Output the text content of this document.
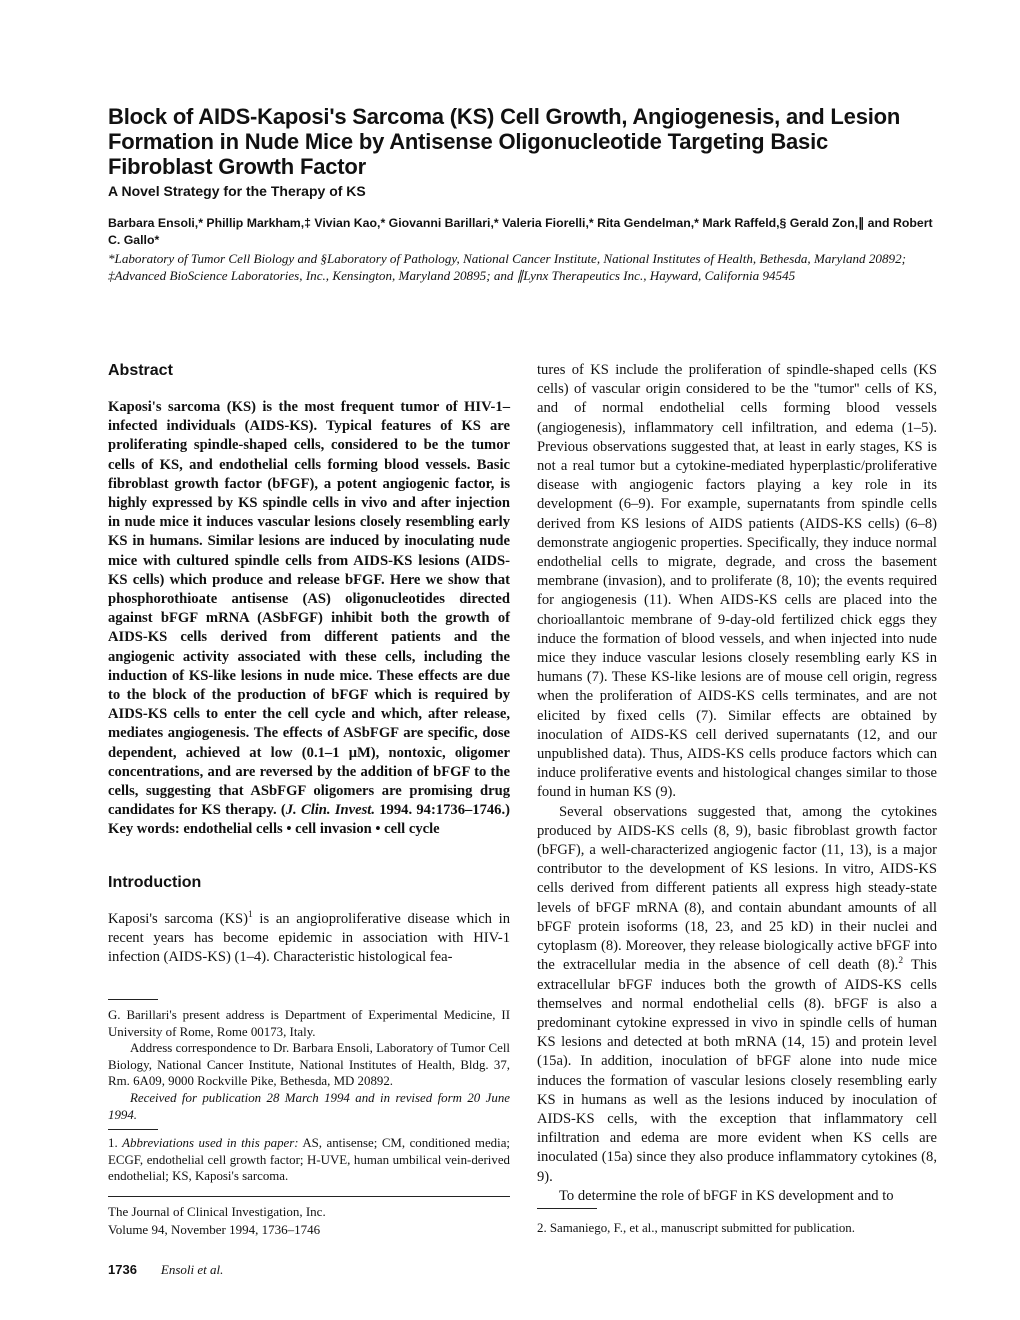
Block of AIDS-Kaposi's Sarcoma (KS) Cell Growth, Angiogenesis, and Lesion Formation in Nude Mice by Antisense Oligonucleotide Targeting Basic Fibroblast Growth Factor
A Novel Strategy for the Therapy of KS

Barbara Ensoli,* Phillip Markham,‡ Vivian Kao,* Giovanni Barillari,* Valeria Fiorelli,* Rita Gendelman,* Mark Raffeld,§ Gerald Zon,∥ and Robert C. Gallo*

*Laboratory of Tumor Cell Biology and §Laboratory of Pathology, National Cancer Institute, National Institutes of Health, Bethesda, Maryland 20892; ‡Advanced BioScience Laboratories, Inc., Kensington, Maryland 20895; and ∥Lynx Therapeutics Inc., Hayward, California 94545

Abstract
Kaposi's sarcoma (KS) is the most frequent tumor of HIV-1–infected individuals (AIDS-KS). Typical features of KS are proliferating spindle-shaped cells, considered to be the tumor cells of KS, and endothelial cells forming blood vessels. Basic fibroblast growth factor (bFGF), a potent angiogenic factor, is highly expressed by KS spindle cells in vivo and after injection in nude mice it induces vascular lesions closely resembling early KS in humans. Similar lesions are induced by inoculating nude mice with cultured spindle cells from AIDS-KS lesions (AIDS-KS cells) which produce and release bFGF. Here we show that phosphorothioate antisense (AS) oligonucleotides directed against bFGF mRNA (ASbFGF) inhibit both the growth of AIDS-KS cells derived from different patients and the angiogenic activity associated with these cells, including the induction of KS-like lesions in nude mice. These effects are due to the block of the production of bFGF which is required by AIDS-KS cells to enter the cell cycle and which, after release, mediates angiogenesis. The effects of ASbFGF are specific, dose dependent, achieved at low (0.1–1 μM), nontoxic, oligomer concentrations, and are reversed by the addition of bFGF to the cells, suggesting that ASbFGF oligomers are promising drug candidates for KS therapy. (J. Clin. Invest. 1994. 94:1736–1746.) Key words: endothelial cells • cell invasion • cell cycle
Introduction
Kaposi's sarcoma (KS)$^1$ is an angioproliferative disease which in recent years has become epidemic in association with HIV-1 infection (AIDS-KS) (1–4). Characteristic histological fea-

G. Barillari's present address is Department of Experimental Medicine, II University of Rome, Rome 00173, Italy.

Address correspondence to Dr. Barbara Ensoli, Laboratory of Tumor Cell Biology, National Cancer Institute, National Institutes of Health, Bldg. 37, Rm. 6A09, 9000 Rockville Pike, Bethesda, MD 20892.

Received for publication 28 March 1994 and in revised form 20 June 1994.

1. Abbreviations used in this paper: AS, antisense; CM, conditioned media; ECGF, endothelial cell growth factor; H-UVE, human umbilical vein-derived endothelial; KS, Kaposi's sarcoma.
The Journal of Clinical Investigation, Inc.
Volume 94, November 1994, 1736–1746
1736 Ensoli et al.

tures of KS include the proliferation of spindle-shaped cells (KS cells) of vascular origin considered to be the ''tumor'' cells of KS, and of normal endothelial cells forming blood vessels (angiogenesis), inflammatory cell infiltration, and edema (1–5). Previous observations suggested that, at least in early stages, KS is not a real tumor but a cytokine-mediated hyperplastic/proliferative disease with angiogenic factors playing a key role in its development (6–9). For example, supernatants from spindle cells derived from KS lesions of AIDS patients (AIDS-KS cells) (6–8) demonstrate angiogenic properties. Specifically, they induce normal endothelial cells to migrate, degrade, and cross the basement membrane (invasion), and to proliferate (8, 10); the events required for angiogenesis (11). When AIDS-KS cells are placed into the chorioallantoic membrane of 9-day-old fertilized chick eggs they induce the formation of blood vessels, and when injected into nude mice they induce vascular lesions closely resembling early KS in humans (7). These KS-like lesions are of mouse cell origin, regress when the proliferation of AIDS-KS cells terminates, and are not elicited by fixed cells (7). Similar effects are obtained by inoculation of AIDS-KS cell derived supernatants (12, and our unpublished data). Thus, AIDS-KS cells produce factors which can induce proliferative events and histological changes similar to those found in human KS (9).

Several observations suggested that, among the cytokines produced by AIDS-KS cells (8, 9), basic fibroblast growth factor (bFGF), a well-characterized angiogenic factor (11, 13), is a major contributor to the development of KS lesions. In vitro, AIDS-KS cells derived from different patients all express high steady-state levels of bFGF mRNA (8), and contain abundant amounts of all bFGF protein isoforms (18, 23, and 25 kD) in their nuclei and cytoplasm (8). Moreover, they release biologically active bFGF into the extracellular media in the absence of cell death (8).$^2$ This extracellular bFGF induces both the growth of AIDS-KS cells themselves and normal endothelial cells (8). bFGF is also a predominant cytokine expressed in vivo in spindle cells of human KS lesions and detected at both mRNA (14, 15) and protein level (15a). In addition, inoculation of bFGF alone into nude mice induces the formation of vascular lesions closely resembling early KS in humans as well as the lesions induced by inoculation of AIDS-KS cells, with the exception that inflammatory cell infiltration and edema are more evident when KS cells are inoculated (15a) since they also produce inflammatory cytokines (8, 9).

To determine the role of bFGF in KS development and to

2. Samaniego, F., et al., manuscript submitted for publication.
